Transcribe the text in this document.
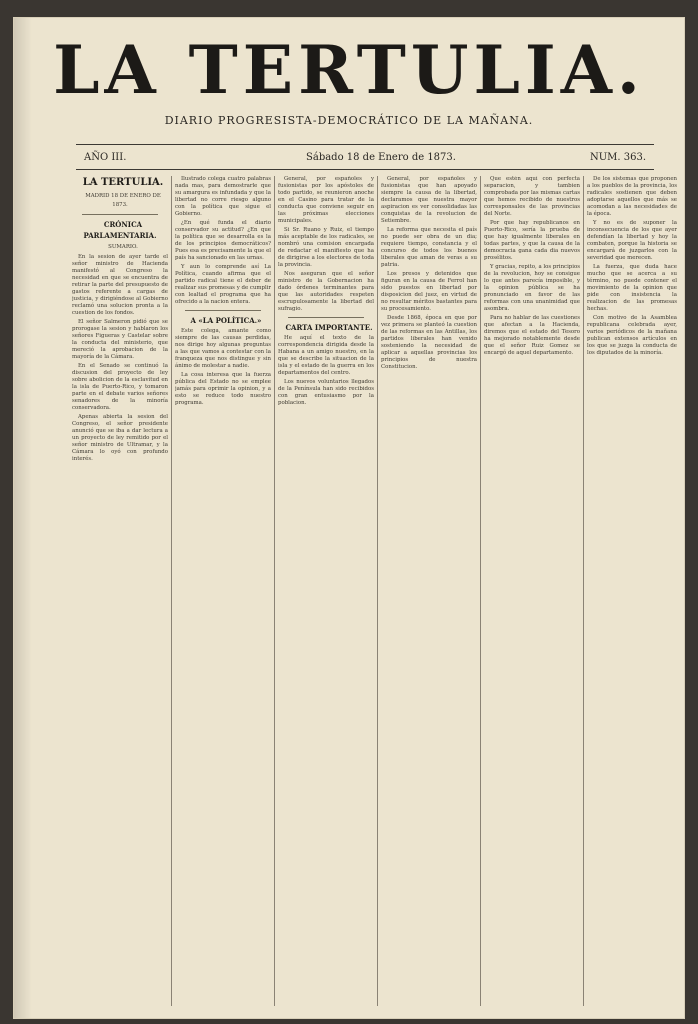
LA TERTULIA.
DIARIO PROGRESISTA-DEMOCRÁTICO DE LA MAÑANA.
AÑO III.	Sábado 18 de Enero de 1873.	NUM. 363.

LA TERTULIA.

MADRID 18 DE ENERO DE 1873.

CRÓNICA PARLAMENTARIA.

SUMARIO.

En la sesion de ayer tarde el señor ministro de Hacienda manifestó al Congreso la necesidad en que se encuentra de retirar la parte del presupuesto de gastos referente a cargas de justicia, y dirigiéndose al Gobierno reclamó una solucion pronta a la cuestion de los fondos.

El señor Salmeron pidió que se prorogase la sesion y hablaron los señores Figueras y Castelar sobre la conducta del ministerio, que mereció la aprobacion de la mayoría de la Cámara.

En el Senado se continuó la discusion del proyecto de ley sobre abolicion de la esclavitud en la isla de Puerto-Rico, y tomaron parte en el debate varios señores senadores de la minoría conservadora.

Apenas abierta la sesion del Congreso, el señor presidente anunció que se iba a dar lectura a un proyecto de ley remitido por el señor ministro de Ultramar, y la Cámara lo oyó con profundo interés.

Ilustrado colega cuatro palabras nada mas, para demostrarle que su amargura es infundada y que la libertad no corre riesgo alguno con la política que sigue el Gobierno.

¿En qué funda el diario conservador su actitud? ¿En que la política que se desarrolla es la de los principios democráticos? Pues esa es precisamente la que el país ha sancionado en las urnas.

Y aun lo comprende así La Política, cuando afirma que el partido radical tiene el deber de realizar sus promesas y de cumplir con lealtad el programa que ha ofrecido a la nacion entera.

A «LA POLÍTICA.»

Este colega, amante como siempre de las causas perdidas, nos dirige hoy algunas preguntas a las que vamos a contestar con la franqueza que nos distingue y sin ánimo de molestar a nadie.

La cosa interesa que la fuerza pública del Estado no se emplee jamás para oprimir la opinion, y a esto se reduce todo nuestro programa.

General, por españoles y fusionistas por los apóstoles de todo partido, se reunieron anoche en el Casino para tratar de la conducta que conviene seguir en las próximas elecciones municipales.

Si Sr. Ruano y Ruiz, el tiempo más aceptable de los radicales, se nombró una comision encargada de redactar el manifiesto que ha de dirigirse a los electores de toda la provincia.

Nos aseguran que el señor ministro de la Gobernacion ha dado órdenes terminantes para que las autoridades respeten escrupulosamente la libertad del sufragio.

CARTA IMPORTANTE.

He aquí el texto de la correspondencia dirigida desde la Habana a un amigo nuestro, en la que se describe la situacion de la isla y el estado de la guerra en los departamentos del centro.

Los nuevos voluntarios llegados de la Península han sido recibidos con gran entusiasmo por la poblacion.

General, por españoles y fusionistas que han apoyado siempre la causa de la libertad, declaramos que nuestra mayor aspiracion es ver consolidadas las conquistas de la revolucion de Setiembre.

La reforma que necesita el país no puede ser obra de un dia; requiere tiempo, constancia y el concurso de todos los buenos liberales que aman de veras a su patria.

Los presos y detenidos que figuran en la causa de Ferrol han sido puestos en libertad por disposicion del juez, en virtud de no resultar méritos bastantes para su procesamiento.

Desde 1868, época en que por vez primera se planteó la cuestion de las reformas en las Antillas, los partidos liberales han venido sosteniendo la necesidad de aplicar a aquellas provincias los principios de nuestra Constitucion.

Que estén aquí con perfecta separacion, y tambien comprobada por las mismas cartas que hemos recibido de nuestros corresponsales de las provincias del Norte.

Por que hay republicanos en Puerto-Rico, sería la prueba de que hay igualmente liberales en todas partes, y que la causa de la democracia gana cada dia nuevos prosélitos.

Y gracias, repito, a los principios de la revolucion, hoy se consigue lo que antes parecía imposible, y la opinion pública se ha pronunciado en favor de las reformas con una unanimidad que asombra.

Para no hablar de las cuestiones que afectan a la Hacienda, diremos que el estado del Tesoro ha mejorado notablemente desde que el señor Ruiz Gomez se encargó de aquel departamento.

De los sistemas que proponen a los pueblos de la provincia, los radicales sostienen que deben adoptarse aquellos que más se acomodan a las necesidades de la época.

Y no es de suponer la inconsecuencia de los que ayer defendían la libertad y hoy la combaten, porque la historia se encargará de juzgarlos con la severidad que merecen.

La fuerza, que duda hace mucho que se acerca a su término, no puede contener el movimiento de la opinion que pide con insistencia la realizacion de las promesas hechas.

Con motivo de la Asamblea republicana celebrada ayer, varios periódicos de la mañana publican extensos artículos en los que se juzga la conducta de los diputados de la minoría.
